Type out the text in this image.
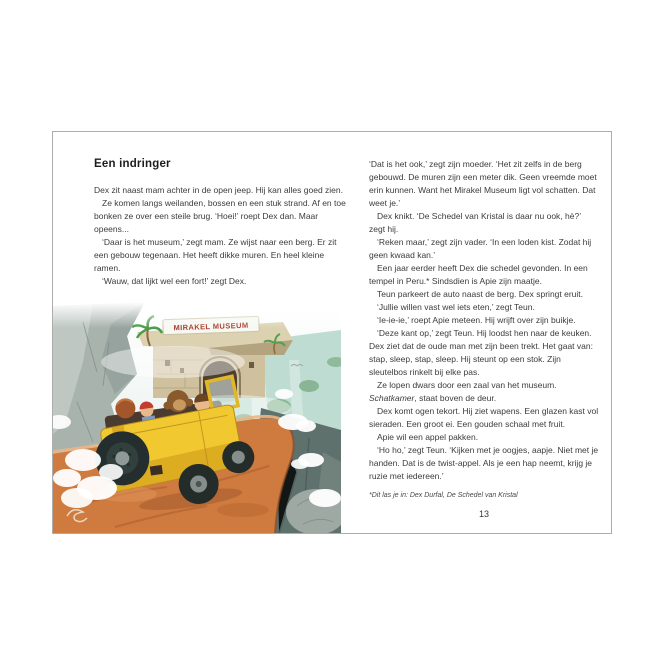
Een indringer

Dex zit naast mam achter in de open jeep. Hij kan alles goed zien.

Ze komen langs weilanden, bossen en een stuk strand. Af en toe bonken ze over een steile brug. ‘Hoei!’ roept Dex dan. Maar opeens...

‘Daar is het museum,’ zegt mam. Ze wijst naar een berg. Er zit een gebouw tegenaan. Het heeft dikke muren. En heel kleine ramen.

‘Wauw, dat lijkt wel een fort!’ zegt Dex.

‘Dat is het ook,’ zegt zijn moeder. ‘Het zit zelfs in de berg gebouwd. De muren zijn een meter dik. Geen vreemde moet erin kunnen. Want het Mirakel Museum ligt vol schatten. Dat weet je.’

Dex knikt. ‘De Schedel van Kristal is daar nu ook, hè?’ zegt hij.

‘Reken maar,’ zegt zijn vader. ‘In een loden kist. Zodat hij geen kwaad kan.’

Een jaar eerder heeft Dex die schedel gevonden. In een tempel in Peru.* Sindsdien is Apie zijn maatje.

Teun parkeert de auto naast de berg. Dex springt eruit.

‘Jullie willen vast wel iets eten,’ zegt Teun.

‘Ie-ie-ie,’ roept Apie meteen. Hij wrijft over zijn buikje.

‘Deze kant op,’ zegt Teun. Hij loodst hen naar de keuken. Dex ziet dat de oude man met zijn been trekt. Het gaat van: stap, sleep, stap, sleep. Hij steunt op een stok. Zijn sleutelbos rinkelt bij elke pas.

Ze lopen dwars door een zaal van het museum. Schatkamer, staat boven de deur.

Dex komt ogen tekort. Hij ziet wapens. Een glazen kast vol sieraden. Een groot ei. Een gouden schaal met fruit.

Apie wil een appel pakken.

‘Ho ho,’ zegt Teun. ‘Kijken met je oogjes, aapje. Niet met je handen. Dat is de twist-appel. Als je een hap neemt, krijg je ruzie met iedereen.’

*Dit las je in: Dex Durfal, De Schedel van Kristal

13
